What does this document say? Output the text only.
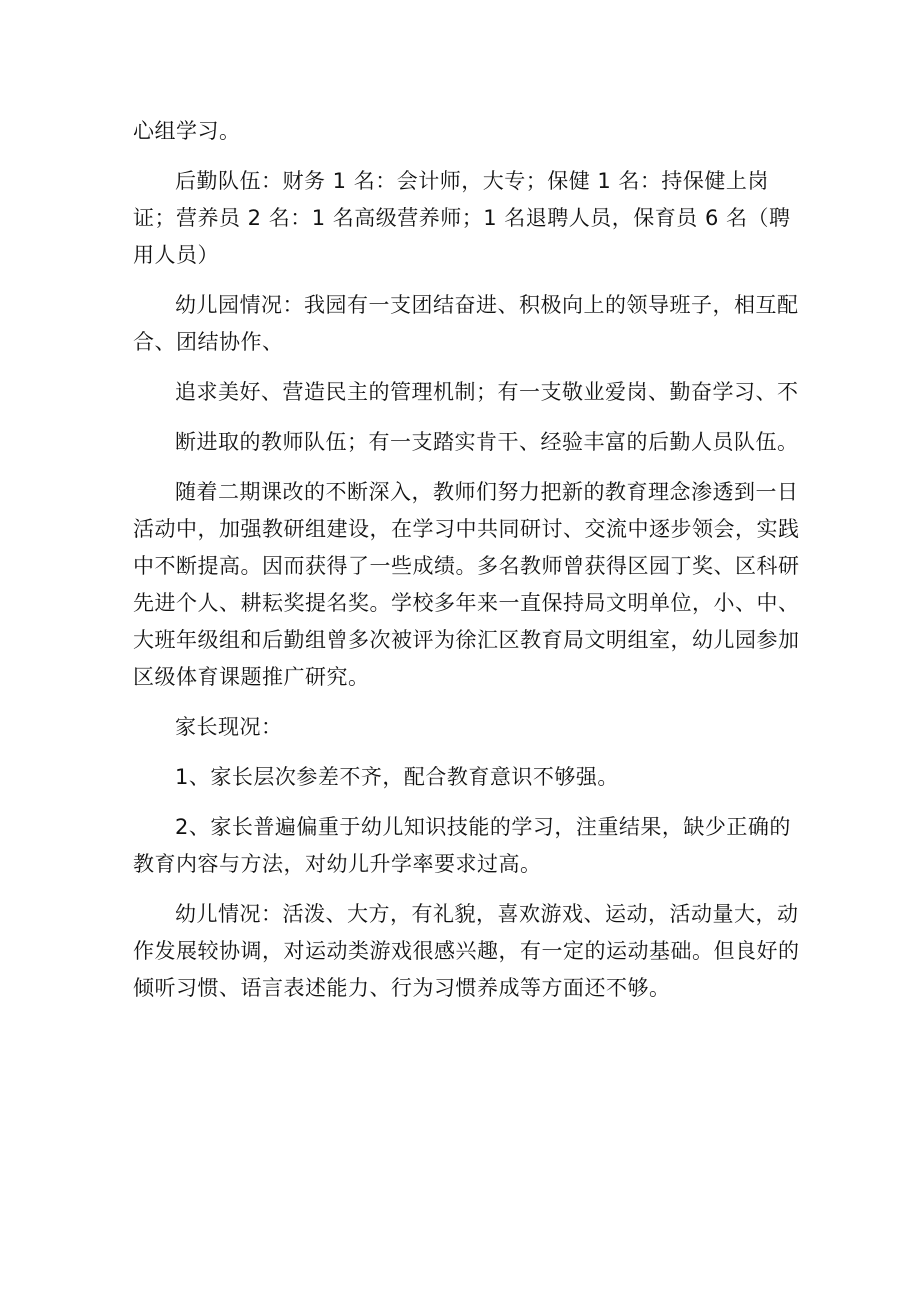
心组学习。

后勤队伍：财务 1 名：会计师，大专；保健 1 名：持保健上岗证；营养员 2 名：1 名高级营养师；1 名退聘人员，保育员 6 名（聘用人员）

幼儿园情况：我园有一支团结奋进、积极向上的领导班子，相互配合、团结协作、

追求美好、营造民主的管理机制；有一支敬业爱岗、勤奋学习、不

断进取的教师队伍；有一支踏实肯干、经验丰富的后勤人员队伍。

随着二期课改的不断深入，教师们努力把新的教育理念渗透到一日活动中，加强教研组建设，在学习中共同研讨、交流中逐步领会，实践中不断提高。因而获得了一些成绩。多名教师曾获得区园丁奖、区科研先进个人、耕耘奖提名奖。学校多年来一直保持局文明单位，小、中、大班年级组和后勤组曾多次被评为徐汇区教育局文明组室，幼儿园参加区级体育课题推广研究。

家长现况：

1、家长层次参差不齐，配合教育意识不够强。

2、家长普遍偏重于幼儿知识技能的学习，注重结果，缺少正确的教育内容与方法，对幼儿升学率要求过高。

幼儿情况：活泼、大方，有礼貌，喜欢游戏、运动，活动量大，动作发展较协调，对运动类游戏很感兴趣，有一定的运动基础。但良好的倾听习惯、语言表述能力、行为习惯养成等方面还不够。
